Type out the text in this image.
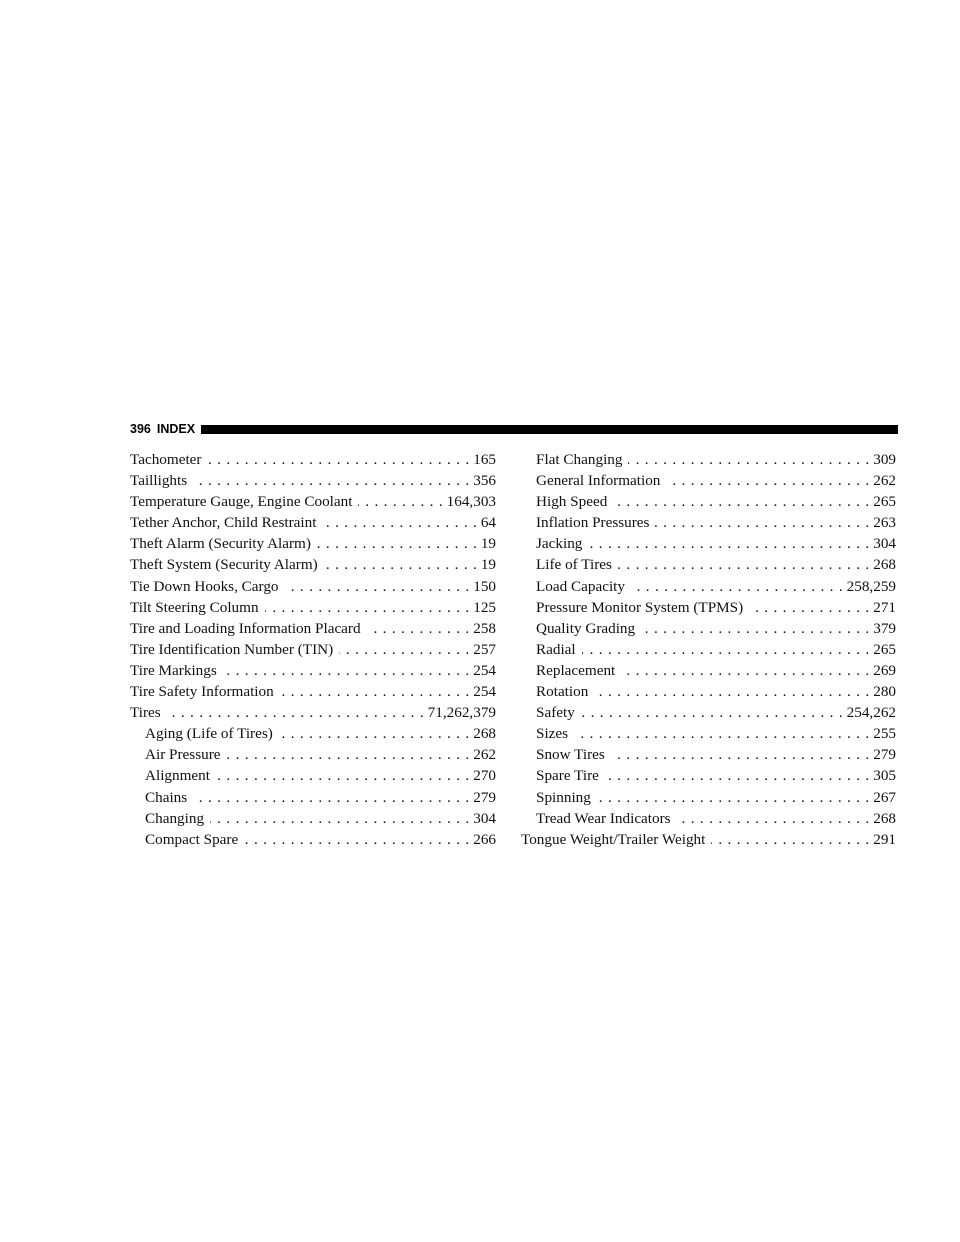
396 INDEX
Tachometer . . .	165
Taillights . . .	356
Temperature Gauge, Engine Coolant . . .	164,303
Tether Anchor, Child Restraint . . .	64
Theft Alarm (Security Alarm) . . .	19
Theft System (Security Alarm) . . .	19
Tie Down Hooks, Cargo . . .	150
Tilt Steering Column . . .	125
Tire and Loading Information Placard . . .	258
Tire Identification Number (TIN) . . .	257
Tire Markings . . .	254
Tire Safety Information . . .	254
Tires . . .	71,262,379
Aging (Life of Tires) . . .	268
Air Pressure . . .	262
Alignment . . .	270
Chains . . .	279
Changing . . .	304
Compact Spare . . .	266
Flat Changing . . .	309
General Information . . .	262
High Speed . . .	265
Inflation Pressures . . .	263
Jacking . . .	304
Life of Tires . . .	268
Load Capacity . . .	258,259
Pressure Monitor System (TPMS) . . .	271
Quality Grading . . .	379
Radial . . .	265
Replacement . . .	269
Rotation . . .	280
Safety . . .	254,262
Sizes . . .	255
Snow Tires . . .	279
Spare Tire . . .	305
Spinning . . .	267
Tread Wear Indicators . . .	268
Tongue Weight/Trailer Weight . . .	291
